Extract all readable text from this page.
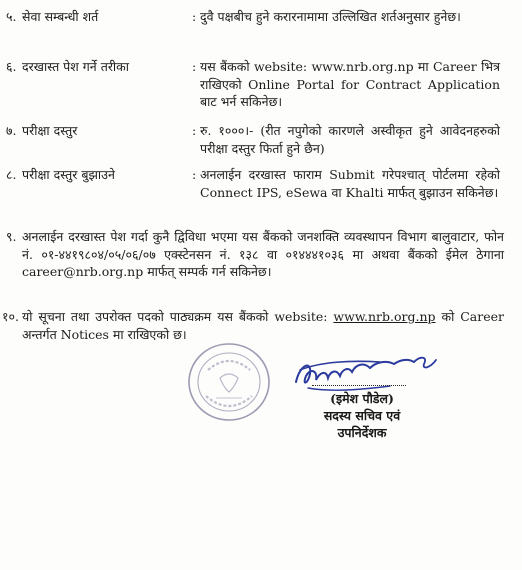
५. सेवा सम्बन्धी शर्त	: दुवै पक्षबीच हुने करारनामामा उल्लिखित शर्तअनुसार हुनेछ।
६. दरखास्त पेश गर्ने तरीका	: यस बैंकको website: www.nrb.org.np मा Career भित्र राखिएको Online Portal for Contract Application बाट भर्न सकिनेछ।
७. परीक्षा दस्तुर	: रु. १०००।- (रीत नपुगेको कारणले अस्वीकृत हुने आवेदनहरुको परीक्षा दस्तुर फिर्ता हुने छैन)
८. परीक्षा दस्तुर बुझाउने	: अनलाईन दरखास्त फाराम Submit गरेपश्चात् पोर्टलमा रहेको Connect IPS, eSewa वा Khalti मार्फत् बुझाउन सकिनेछ।
९. अनलाईन दरखास्त पेश गर्दा कुनै द्विविधा भएमा यस बैंकको जनशक्ति व्यवस्थापन विभाग बालुवाटार, फोन नं. ०१-४४१९८०४/०५/०६/०७ एक्स्टेनसन नं. १३८ वा ०१४४४१०३६ मा अथवा बैंकको ईमेल ठेगाना career@nrb.org.np मार्फत् सम्पर्क गर्न सकिनेछ।
१०. यो सूचना तथा उपरोक्त पदको पाठ्यक्रम यस बैंकको website: www.nrb.org.np को Career अन्तर्गत Notices मा राखिएको छ।
(इमेश पौडेल)
सदस्य सचिव एवं
उपनिर्देशक
